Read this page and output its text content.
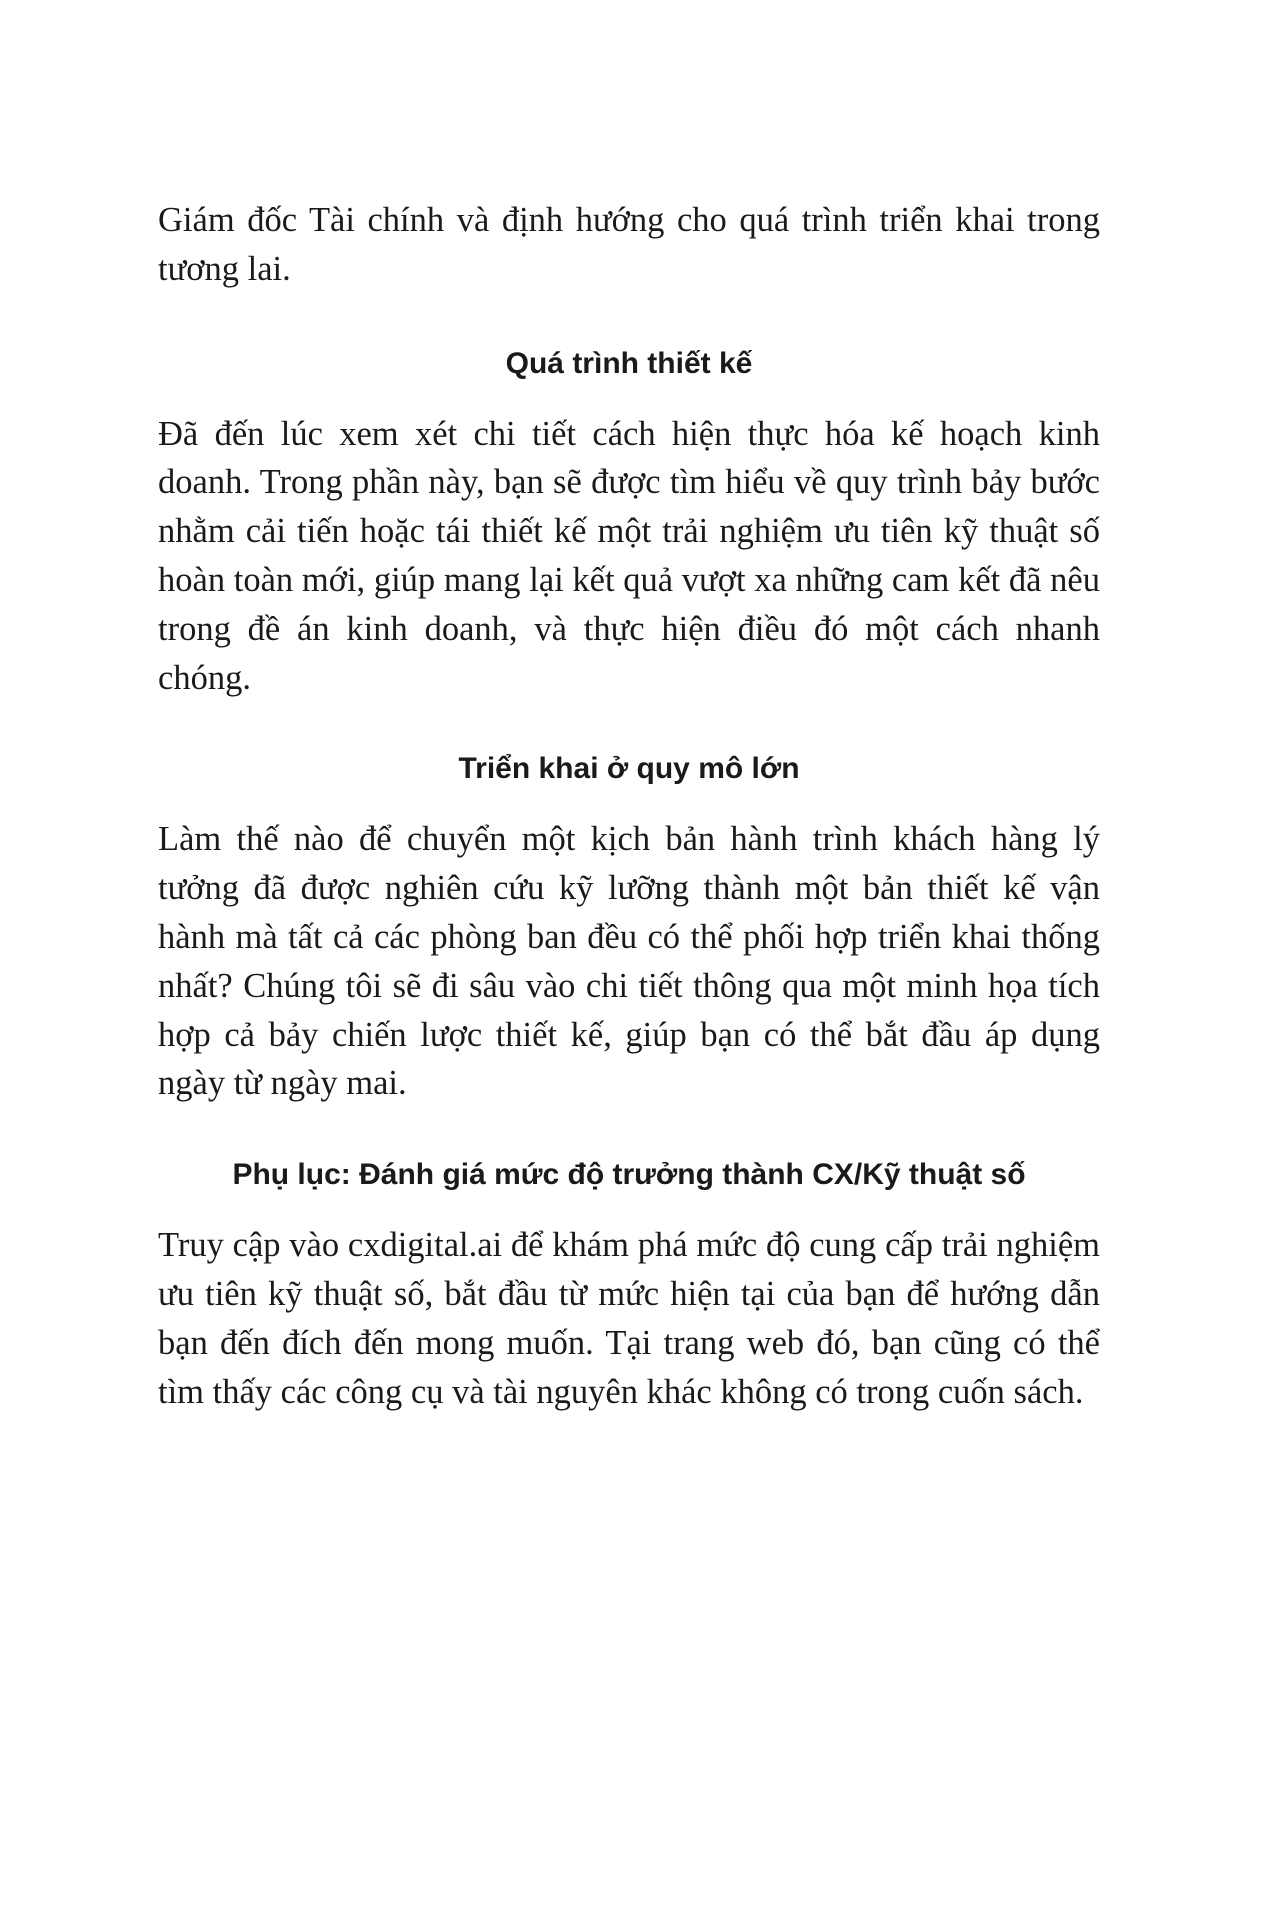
Giám đốc Tài chính và định hướng cho quá trình triển khai trong tương lai.

Quá trình thiết kế

Đã đến lúc xem xét chi tiết cách hiện thực hóa kế hoạch kinh doanh. Trong phần này, bạn sẽ được tìm hiểu về quy trình bảy bước nhằm cải tiến hoặc tái thiết kế một trải nghiệm ưu tiên kỹ thuật số hoàn toàn mới, giúp mang lại kết quả vượt xa những cam kết đã nêu trong đề án kinh doanh, và thực hiện điều đó một cách nhanh chóng.

Triển khai ở quy mô lớn

Làm thế nào để chuyển một kịch bản hành trình khách hàng lý tưởng đã được nghiên cứu kỹ lưỡng thành một bản thiết kế vận hành mà tất cả các phòng ban đều có thể phối hợp triển khai thống nhất? Chúng tôi sẽ đi sâu vào chi tiết thông qua một minh họa tích hợp cả bảy chiến lược thiết kế, giúp bạn có thể bắt đầu áp dụng ngày từ ngày mai.

Phụ lục: Đánh giá mức độ trưởng thành CX/Kỹ thuật số

Truy cập vào cxdigital.ai để khám phá mức độ cung cấp trải nghiệm ưu tiên kỹ thuật số, bắt đầu từ mức hiện tại của bạn để hướng dẫn bạn đến đích đến mong muốn. Tại trang web đó, bạn cũng có thể tìm thấy các công cụ và tài nguyên khác không có trong cuốn sách.
